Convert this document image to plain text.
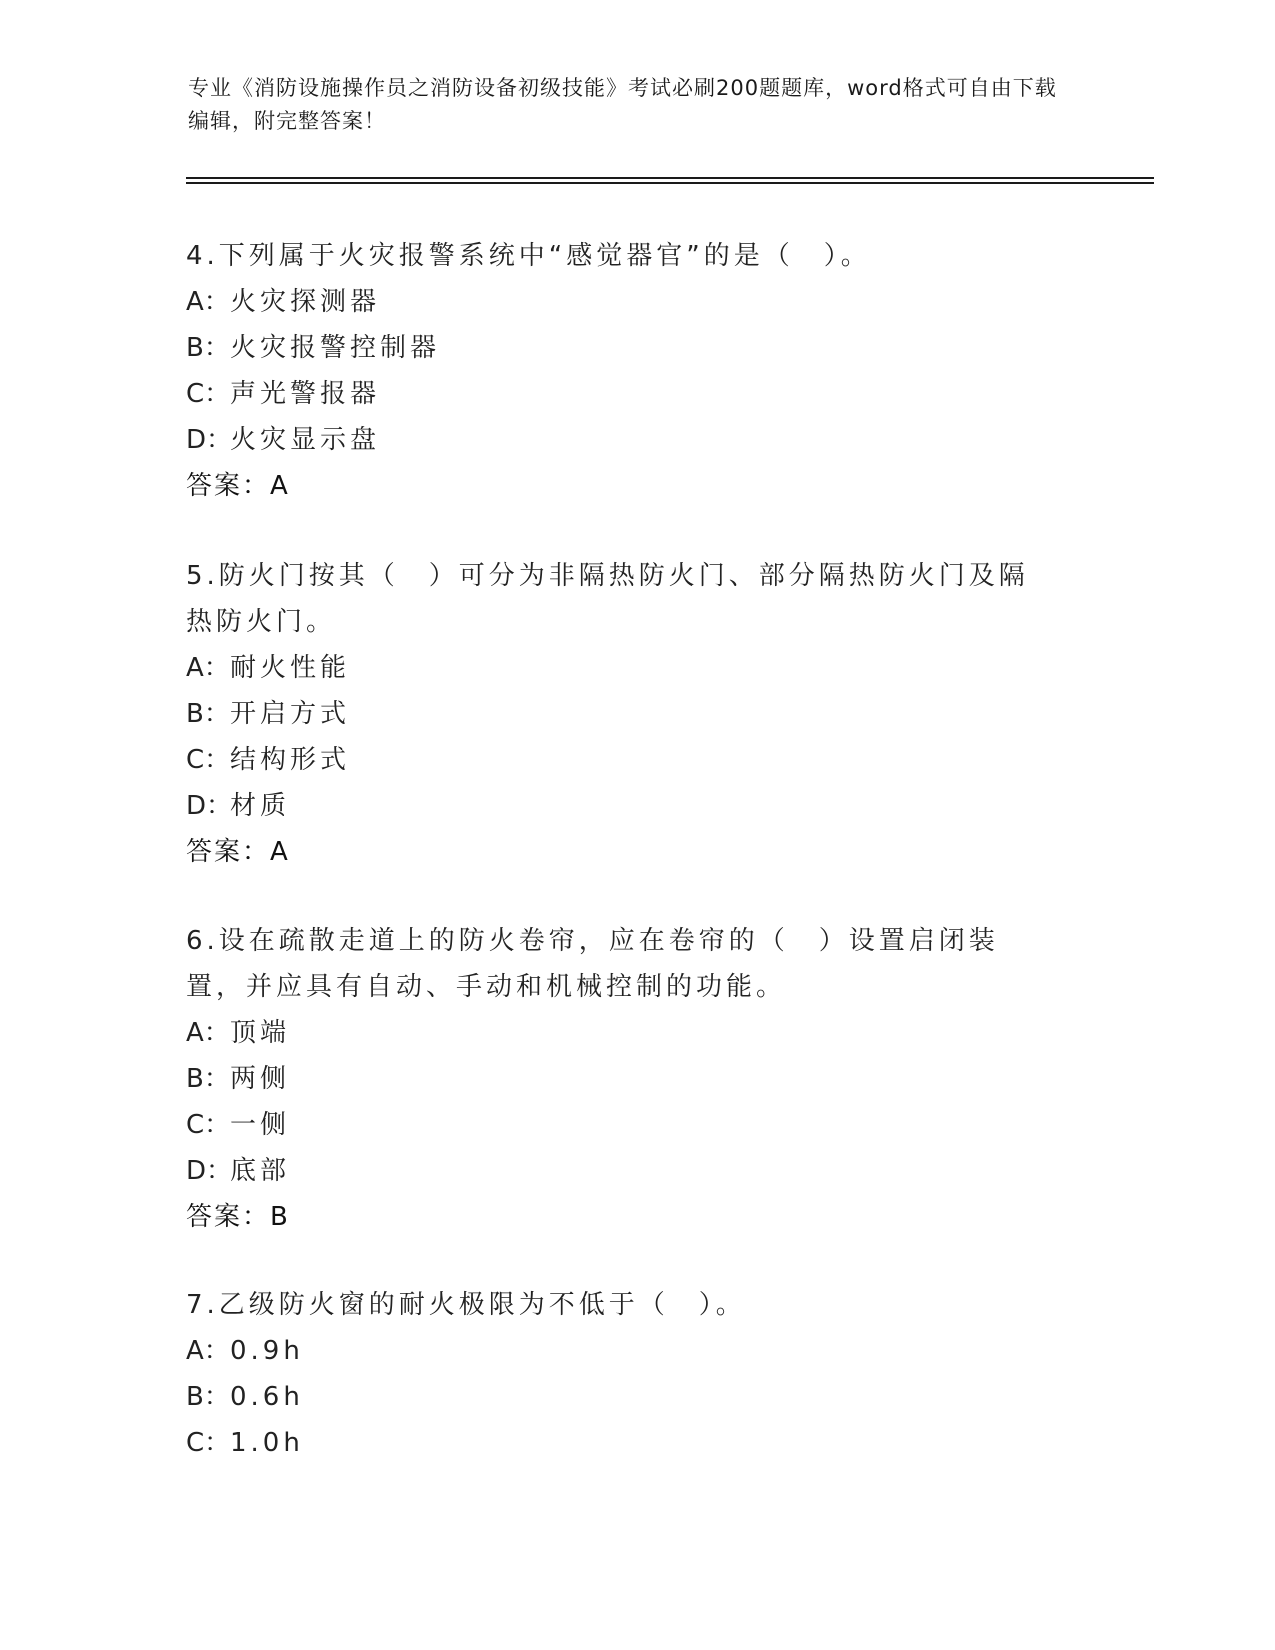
专业《消防设施操作员之消防设备初级技能》考试必刷200题题库，word格式可自由下载编辑，附完整答案！
4.下列属于火灾报警系统中“感觉器官”的是（　）。
A：火灾探测器
B：火灾报警控制器
C：声光警报器
D：火灾显示盘
答案：A
5.防火门按其（　）可分为非隔热防火门、部分隔热防火门及隔热防火门。
A：耐火性能
B：开启方式
C：结构形式
D：材质
答案：A
6.设在疏散走道上的防火卷帘，应在卷帘的（　）设置启闭装置，并应具有自动、手动和机械控制的功能。
A：顶端
B：两侧
C：一侧
D：底部
答案：B
7.乙级防火窗的耐火极限为不低于（　）。
A：0.9h
B：0.6h
C：1.0h
